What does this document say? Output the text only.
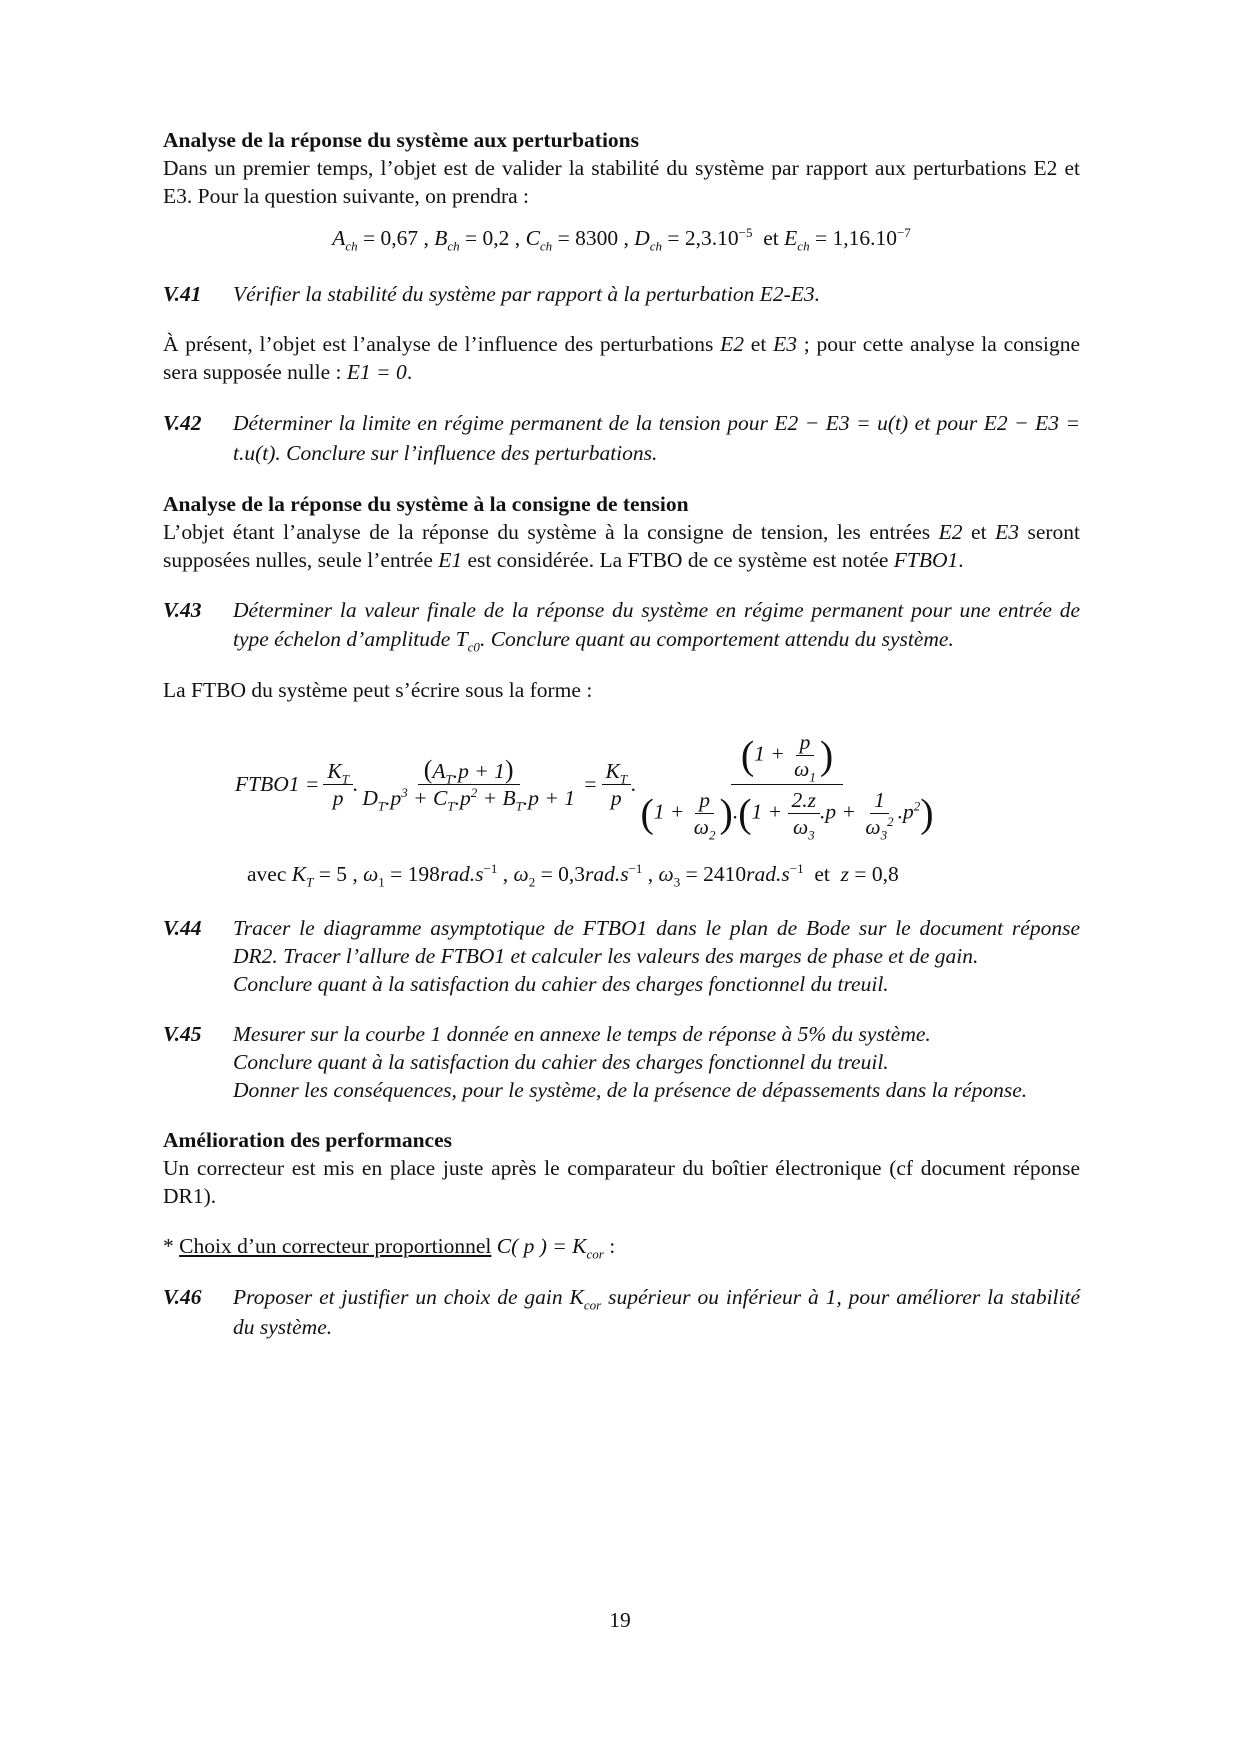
Analyse de la réponse du système aux perturbations
Dans un premier temps, l’objet est de valider la stabilité du système par rapport aux perturbations E2 et E3. Pour la question suivante, on prendra :
$A_{ch} = 0,67$ , $B_{ch} = 0,2$ , $C_{ch} = 8300$ , $D_{ch} = 2,3.10^{-5}$  et $E_{ch} = 1,16.10^{-7}$
V.41 Vérifier la stabilité du système par rapport à la perturbation E2-E3.
À présent, l’objet est l’analyse de l’influence des perturbations E2 et E3 ; pour cette analyse la consigne sera supposée nulle : E1 = 0.
V.42 Déterminer la limite en régime permanent de la tension pour E2 − E3 = u(t) et pour E2 − E3 = t.u(t). Conclure sur l’influence des perturbations.
Analyse de la réponse du système à la consigne de tension
L’objet étant l’analyse de la réponse du système à la consigne de tension, les entrées E2 et E3 seront supposées nulles, seule l’entrée E1 est considérée. La FTBO de ce système est notée FTBO1.
V.43 Déterminer la valeur finale de la réponse du système en régime permanent pour une entrée de type échelon d’amplitude $T_{c0}$. Conclure quant au comportement attendu du système.
La FTBO du système peut s’écrire sous la forme :
FTBO1 = $\frac{K_T}{p}$ . $\frac{(A_T.p + 1)}{D_T.p^3 + C_T.p^2 + B_T.p + 1} = \frac{K_T}{p}$ . $\frac{(1 + \frac{p}{\omega_1} )}{(1 + \frac{p}{\omega_2} ).(1 + \frac{2.z}{\omega_3} .p + \frac{1}{\omega_3^2} .p^2)}$
avec $K_T = 5$ , $\omega_1 = 198rad.s^{-1}$ , $\omega_2 = 0,3rad.s^{-1}$ , $\omega_3 = 2410rad.s^{-1}$  et  z = 0,8
V.44 Tracer le diagramme asymptotique de FTBO1 dans le plan de Bode sur le document réponse DR2. Tracer l’allure de FTBO1 et calculer les valeurs des marges de phase et de gain.
Conclure quant à la satisfaction du cahier des charges fonctionnel du treuil.
V.45 Mesurer sur la courbe 1 donnée en annexe le temps de réponse à 5% du système.
Conclure quant à la satisfaction du cahier des charges fonctionnel du treuil.
Donner les conséquences, pour le système, de la présence de dépassements dans la réponse.
Amélioration des performances
Un correcteur est mis en place juste après le comparateur du boîtier électronique (cf document réponse DR1).
* Choix d’un correcteur proportionnel C( p ) = $K_{cor}$ :
V.46 Proposer et justifier un choix de gain $K_{cor}$ supérieur ou inférieur à 1, pour améliorer la stabilité du système.
19
